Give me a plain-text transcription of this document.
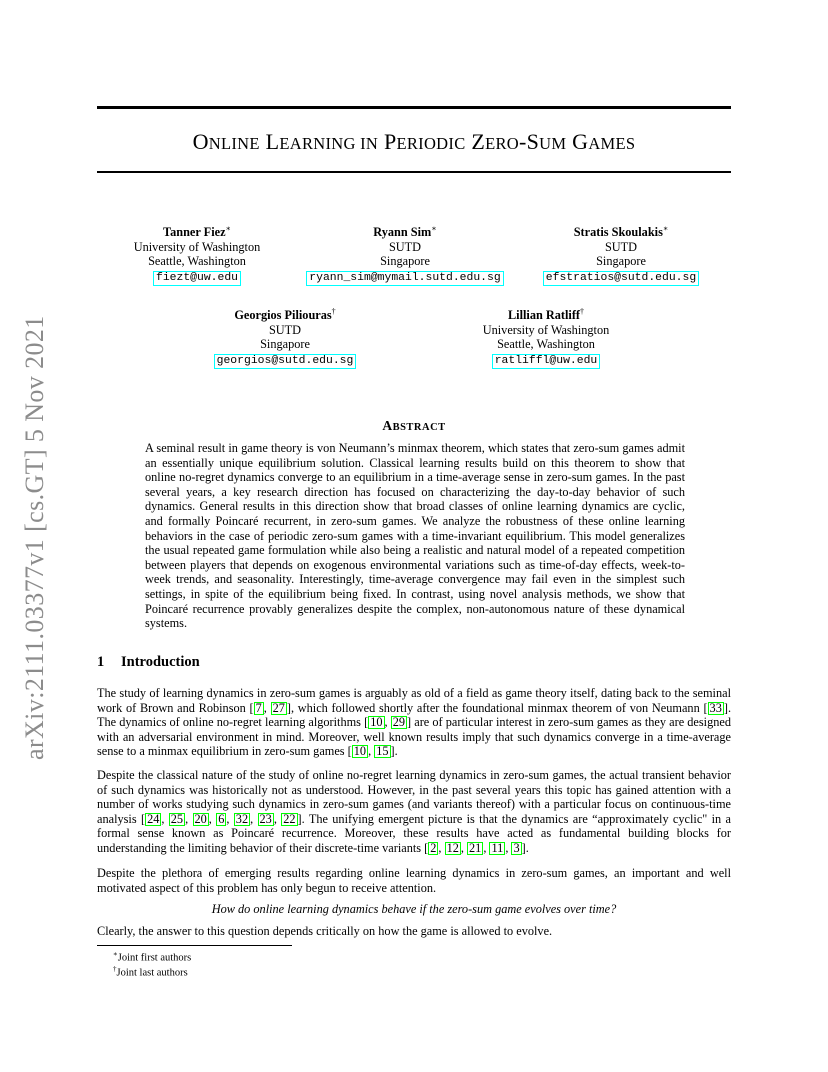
arXiv:2111.03377v1 [cs.GT] 5 Nov 2021
ONLINE LEARNING IN PERIODIC ZERO-SUM GAMES
Tanner Fiez∗
University of Washington
Seattle, Washington
fiezt@uw.edu
Ryann Sim∗
SUTD
Singapore
ryann_sim@mymail.sutd.edu.sg
Stratis Skoulakis∗
SUTD
Singapore
efstratios@sutd.edu.sg
Georgios Piliouras†
SUTD
Singapore
georgios@sutd.edu.sg
Lillian Ratliff†
University of Washington
Seattle, Washington
ratliffl@uw.edu
ABSTRACT
A seminal result in game theory is von Neumann’s minmax theorem, which states that zero-sum games admit an essentially unique equilibrium solution. Classical learning results build on this theorem to show that online no-regret dynamics converge to an equilibrium in a time-average sense in zero-sum games. In the past several years, a key research direction has focused on characterizing the day-to-day behavior of such dynamics. General results in this direction show that broad classes of online learning dynamics are cyclic, and formally Poincaré recurrent, in zero-sum games. We analyze the robustness of these online learning behaviors in the case of periodic zero-sum games with a time-invariant equilibrium. This model generalizes the usual repeated game formulation while also being a realistic and natural model of a repeated competition between players that depends on exogenous environmental variations such as time-of-day effects, week-to-week trends, and seasonality. Interestingly, time-average convergence may fail even in the simplest such settings, in spite of the equilibrium being fixed. In contrast, using novel analysis methods, we show that Poincaré recurrence provably generalizes despite the complex, non-autonomous nature of these dynamical systems.
1 Introduction
The study of learning dynamics in zero-sum games is arguably as old of a field as game theory itself, dating back to the seminal work of Brown and Robinson [ 7 , 27 ], which followed shortly after the foundational minmax theorem of von Neumann [ 33 ]. The dynamics of online no-regret learning algorithms [ 10 , 29 ] are of particular interest in zero-sum games as they are designed with an adversarial environment in mind. Moreover, well known results imply that such dynamics converge in a time-average sense to a minmax equilibrium in zero-sum games [ 10 , 15 ].
Despite the classical nature of the study of online no-regret learning dynamics in zero-sum games, the actual transient behavior of such dynamics was historically not as understood. However, in the past several years this topic has gained attention with a number of works studying such dynamics in zero-sum games (and variants thereof) with a particular focus on continuous-time analysis [ 24 , 25 , 20 , 6 , 32 , 23 , 22 ]. The unifying emergent picture is that the dynamics are “approximately cyclic" in a formal sense known as Poincaré recurrence. Moreover, these results have acted as fundamental building blocks for understanding the limiting behavior of their discrete-time variants [ 2 , 12 , 21 , 11 , 3 ].
Despite the plethora of emerging results regarding online learning dynamics in zero-sum games, an important and well motivated aspect of this problem has only begun to receive attention.
How do online learning dynamics behave if the zero-sum game evolves over time?
Clearly, the answer to this question depends critically on how the game is allowed to evolve.
∗Joint first authors
†Joint last authors
